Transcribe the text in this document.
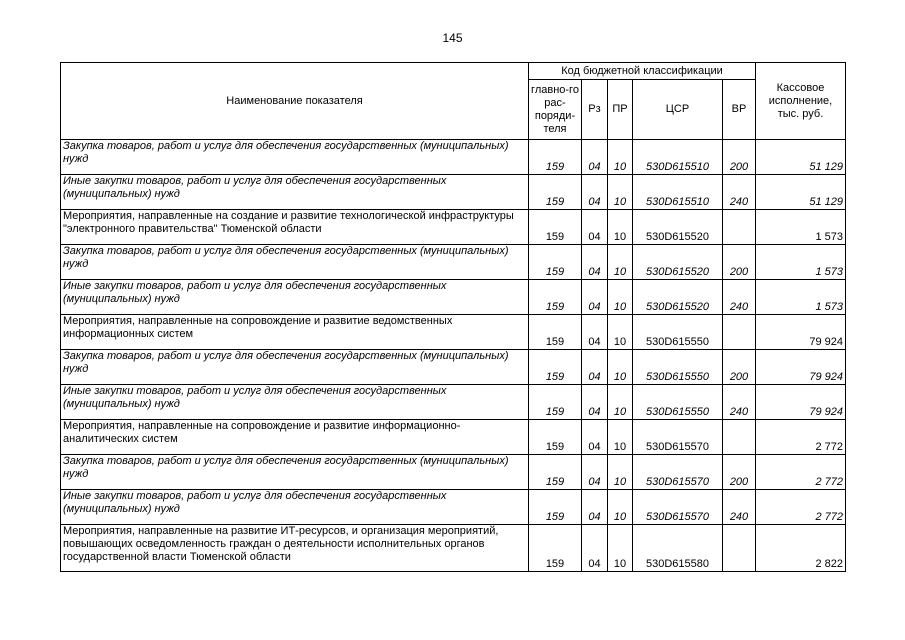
145
Наименование показателя	Код бюджетной классификации					Кассовое исполнение, тыс. руб.
	главно-го рас-поряди-теля	Рз	ПР	ЦСР	ВР	
Закупка товаров, работ и услуг для обеспечения государственных (муниципальных) нужд	159	04	10	530D615510	200	51 129
Иные закупки товаров, работ и услуг для обеспечения государственных (муниципальных) нужд	159	04	10	530D615510	240	51 129
Мероприятия, направленные на создание и развитие технологической инфраструктуры "электронного правительства" Тюменской области	159	04	10	530D615520		1 573
Закупка товаров, работ и услуг для обеспечения государственных (муниципальных) нужд	159	04	10	530D615520	200	1 573
Иные закупки товаров, работ и услуг для обеспечения государственных (муниципальных) нужд	159	04	10	530D615520	240	1 573
Мероприятия, направленные на сопровождение и развитие ведомственных информационных систем	159	04	10	530D615550		79 924
Закупка товаров, работ и услуг для обеспечения государственных (муниципальных) нужд	159	04	10	530D615550	200	79 924
Иные закупки товаров, работ и услуг для обеспечения государственных (муниципальных) нужд	159	04	10	530D615550	240	79 924
Мероприятия, направленные на сопровождение и развитие информационно-аналитических систем	159	04	10	530D615570		2 772
Закупка товаров, работ и услуг для обеспечения государственных (муниципальных) нужд	159	04	10	530D615570	200	2 772
Иные закупки товаров, работ и услуг для обеспечения государственных (муниципальных) нужд	159	04	10	530D615570	240	2 772
Мероприятия, направленные на развитие ИТ-ресурсов, и организация мероприятий, повышающих осведомленность граждан о деятельности исполнительных органов государственной власти Тюменской области	159	04	10	530D615580		2 822
